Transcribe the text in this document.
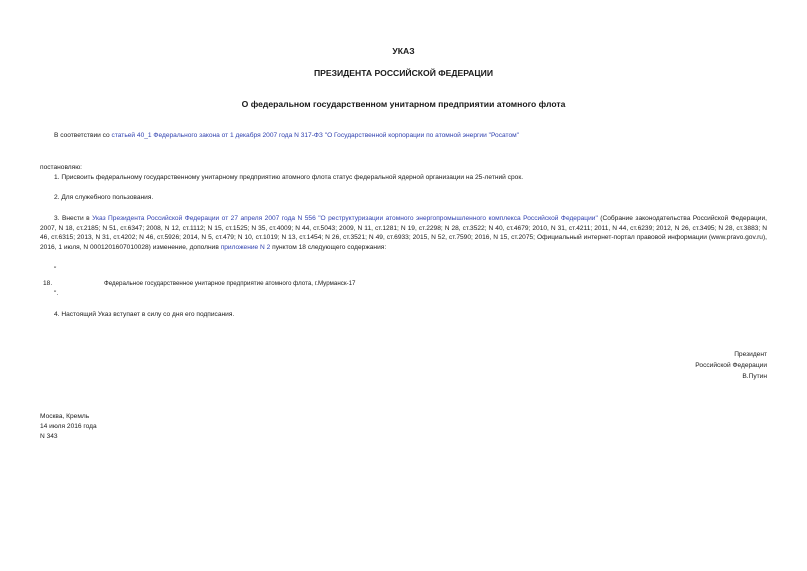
УКАЗ
ПРЕЗИДЕНТА РОССИЙСКОЙ ФЕДЕРАЦИИ
О федеральном государственном унитарном предприятии атомного флота
В соответствии со статьей 40_1 Федерального закона от 1 декабря 2007 года N 317-ФЗ "О Государственной корпорации по атомной энергии "Росатом"
постановляю:
1. Присвоить федеральному государственному унитарному предприятию атомного флота статус федеральной ядерной организации на 25-летний срок.
2. Для служебного пользования.
3. Внести в Указ Президента Российской Федерации от 27 апреля 2007 года N 556 "О реструктуризации атомного энергопромышленного комплекса Российской Федерации" (Собрание законодательства Российской Федерации, 2007, N 18, ст.2185; N 51, ст.6347; 2008, N 12, ст.1112; N 15, ст.1525; N 35, ст.4009; N 44, ст.5043; 2009, N 11, ст.1281; N 19, ст.2298; N 28, ст.3522; N 40, ст.4679; 2010, N 31, ст.4211; 2011, N 44, ст.6239; 2012, N 26, ст.3495; N 28, ст.3883; N 46, ст.6315; 2013, N 31, ст.4202; N 46, ст.5926; 2014, N 5, ст.479; N 10, ст.1019; N 13, ст.1454; N 26, ст.3521; N 49, ст.6933; 2015, N 52, ст.7590; 2016, N 15, ст.2075; Официальный интернет-портал правовой информации (www.pravo.gov.ru), 2016, 1 июля, N 0001201607010028) изменение, дополнив приложение N 2 пунктом 18 следующего содержания:
"
18.	Федеральное государственное унитарное предприятие атомного флота, г.Мурманск-17
".
4. Настоящий Указ вступает в силу со дня его подписания.
Президент
Российской Федерации
В.Путин
Москва, Кремль
14 июля 2016 года
N 343
